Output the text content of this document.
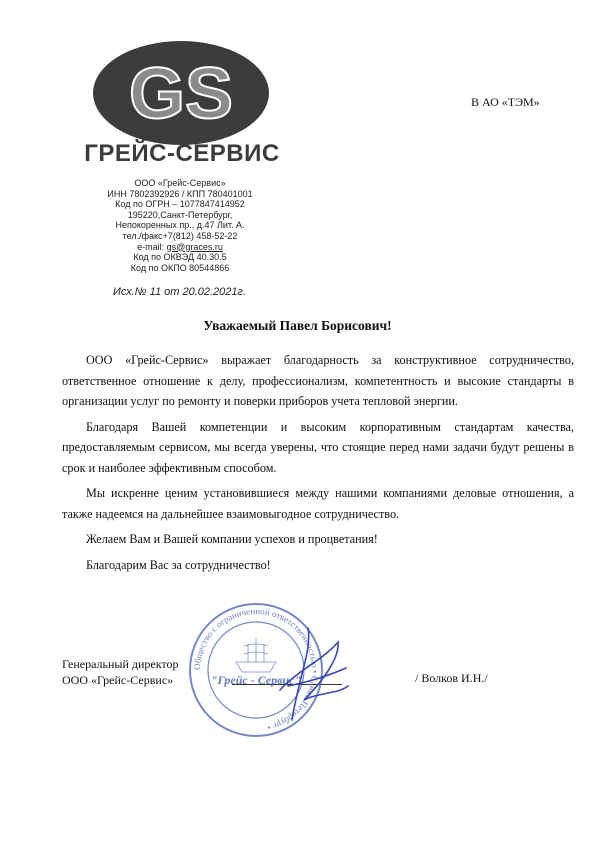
GS
ГРЕЙС-СЕРВИС
ООО «Грейс-Сервис»
ИНН 7802392926 / КПП 780401001
Код по ОГРН – 1077847414952
195220,Санкт-Петербург,
Непокоренных пр., д.47 Лит. А.
тел./факс+7(812) 458-52-22
e-mail: gs@graces.ru
Код по ОКВЭД 40.30.5
Код по ОКПО 80544866
Исх.№ 11 от 20.02.2021г.
В АО «ТЭМ»
Уважаемый Павел Борисович!

ООО «Грейс-Сервис» выражает благодарность за конструктивное сотрудничество, ответственное отношение к делу, профессионализм, компетентность и высокие стандарты в организации услуг по ремонту и поверки приборов учета тепловой энергии.

Благодаря Вашей компетенции и высоким корпоративным стандартам качества, предоставляемым сервисом, мы всегда уверены, что стоящие перед нами задачи будут решены в срок и наиболее эффективным способом.

Мы искренне ценим установившиеся между нашими компаниями деловые отношения, а также надеемся на дальнейшее взаимовыгодное сотрудничество.

Желаем Вам и Вашей компании успехов и процветания!

Благодарим Вас за сотрудничество!

Генеральный директор
ООО «Грейс-Сервис»	/ Волков И.Н./
Общество с ограниченной ответственностью • Санкт-Петербург •
"Грейс - Сервис"
